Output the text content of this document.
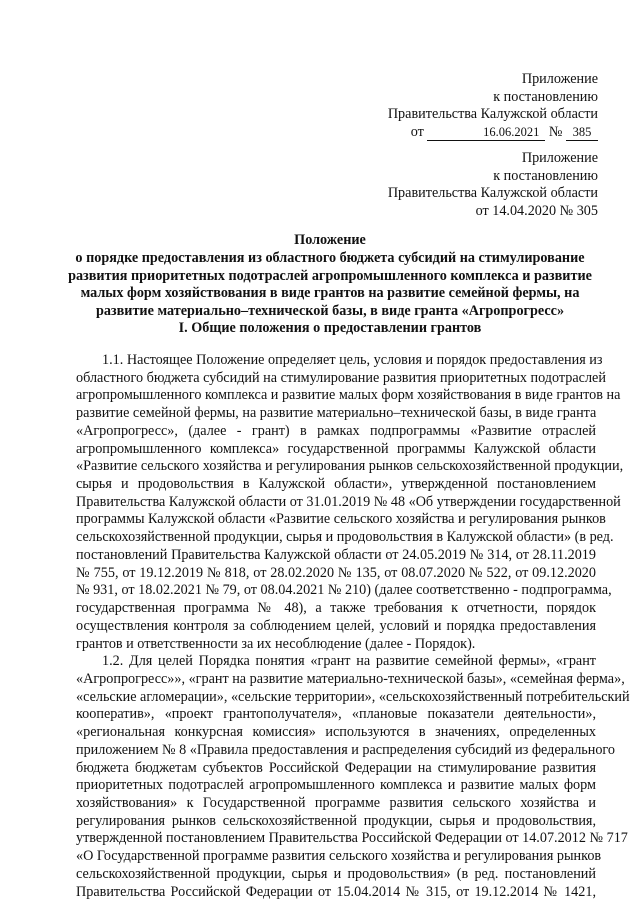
Приложение
к постановлению
Правительства Калужской области
от	16.06.2021 № 385
Приложение
к постановлению
Правительства Калужской области
от 14.04.2020 № 305
Положение
о порядке предоставления из областного бюджета субсидий на стимулирование
развития приоритетных подотраслей агропромышленного комплекса и развитие
малых форм хозяйствования в виде грантов на развитие семейной фермы, на
развитие материально–технической базы, в виде гранта «Агропрогресс»
I. Общие положения о предоставлении грантов
1.1. Настоящее Положение определяет цель, условия и порядок предоставления из
областного бюджета субсидий на стимулирование развития приоритетных подотраслей
агропромышленного комплекса и развитие малых форм хозяйствования в виде грантов на
развитие семейной фермы, на развитие материально–технической базы, в виде гранта
«Агропрогресс», (далее - грант) в рамках подпрограммы «Развитие отраслей
агропромышленного комплекса» государственной программы Калужской области
«Развитие сельского хозяйства и регулирования рынков сельскохозяйственной продукции,
сырья и продовольствия в Калужской области», утвержденной постановлением
Правительства Калужской области от 31.01.2019 № 48 «Об утверждении государственной
программы Калужской области «Развитие сельского хозяйства и регулирования рынков
сельскохозяйственной продукции, сырья и продовольствия в Калужской области» (в ред.
постановлений Правительства Калужской области от 24.05.2019 № 314, от 28.11.2019
№ 755, от 19.12.2019 № 818, от 28.02.2020 № 135, от 08.07.2020 № 522, от 09.12.2020
№ 931, от 18.02.2021 № 79, от 08.04.2021 № 210) (далее соответственно - подпрограмма,
государственная программа № 48), а также требования к отчетности, порядок
осуществления контроля за соблюдением целей, условий и порядка предоставления
грантов и ответственности за их несоблюдение (далее - Порядок).
1.2. Для целей Порядка понятия «грант на развитие семейной фермы», «грант
«Агропрогресс»», «грант на развитие материально-технической базы», «семейная ферма»,
«сельские агломерации», «сельские территории», «сельскохозяйственный потребительский
кооператив», «проект грантополучателя», «плановые показатели деятельности»,
«региональная конкурсная комиссия» используются в значениях, определенных
приложением № 8 «Правила предоставления и распределения субсидий из федерального
бюджета бюджетам субъектов Российской Федерации на стимулирование развития
приоритетных подотраслей агропромышленного комплекса и развитие малых форм
хозяйствования» к Государственной программе развития сельского хозяйства и
регулирования рынков сельскохозяйственной продукции, сырья и продовольствия,
утвержденной постановлением Правительства Российской Федерации от 14.07.2012 № 717
«О Государственной программе развития сельского хозяйства и регулирования рынков
сельскохозяйственной продукции, сырья и продовольствия» (в ред. постановлений
Правительства Российской Федерации от 15.04.2014 № 315, от 19.12.2014 № 1421,
